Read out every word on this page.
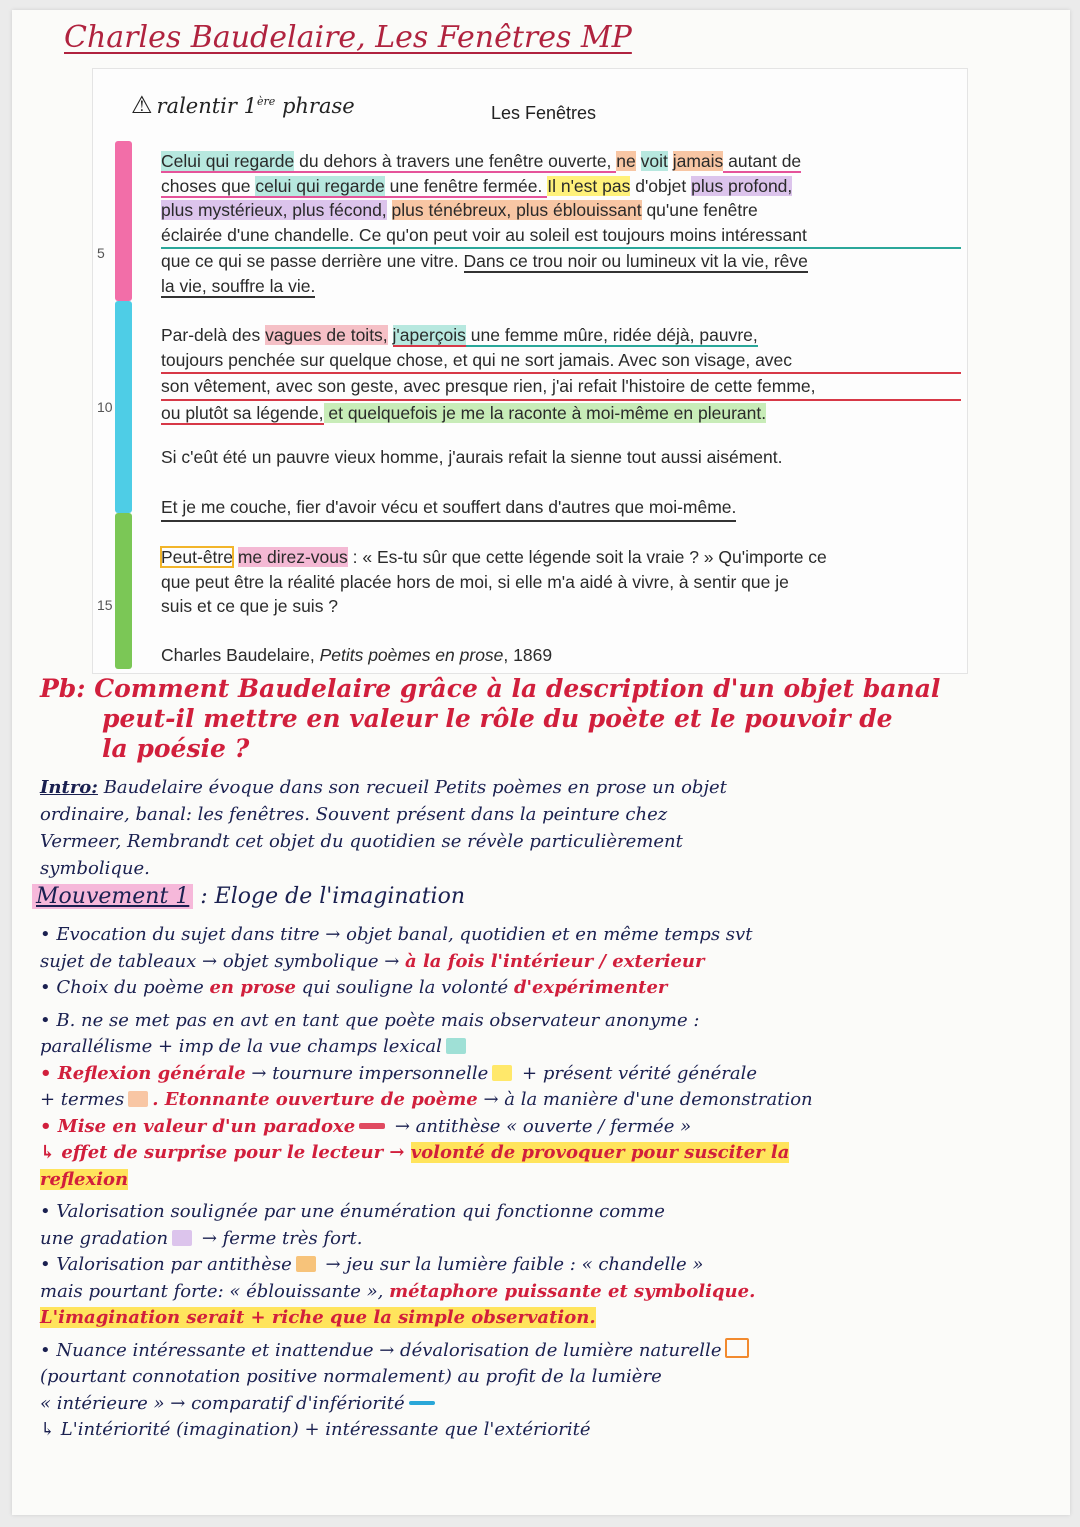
Charles Baudelaire, Les Fenêtres MP
⚠ ralentir 1ère phrase	Les Fenêtres
5
10
15

Celui qui regarde du dehors à travers une fenêtre ouverte, ne voit jamais autant de
choses que celui qui regarde une fenêtre fermée. Il n'est pas d'objet plus profond,
plus mystérieux, plus fécond, plus ténébreux, plus éblouissant qu'une fenêtre
éclairée d'une chandelle. Ce qu'on peut voir au soleil est toujours moins intéressant
que ce qui se passe derrière une vitre. Dans ce trou noir ou lumineux vit la vie, rêve
la vie, souffre la vie.

Par-delà des vagues de toits, j'aperçois une femme mûre, ridée déjà, pauvre,
toujours penchée sur quelque chose, et qui ne sort jamais. Avec son visage, avec
son vêtement, avec son geste, avec presque rien, j'ai refait l'histoire de cette femme,
ou plutôt sa légende, et quelquefois je me la raconte à moi-même en pleurant.

Si c'eût été un pauvre vieux homme, j'aurais refait la sienne tout aussi aisément.

Et je me couche, fier d'avoir vécu et souffert dans d'autres que moi-même.

Peut-être me direz-vous : « Es-tu sûr que cette légende soit la vraie ? » Qu'importe ce
que peut être la réalité placée hors de moi, si elle m'a aidé à vivre, à sentir que je
suis et ce que je suis ?

Charles Baudelaire, Petits poèmes en prose, 1869

Pb: Comment Baudelaire grâce à la description d'un objet banal
peut-il mettre en valeur le rôle du poète et le pouvoir de
la poésie ?
Intro: Baudelaire évoque dans son recueil Petits poèmes en prose un objet
ordinaire, banal: les fenêtres. Souvent présent dans la peinture chez
Vermeer, Rembrandt cet objet du quotidien se révèle particulièrement
symbolique.
Mouvement 1 : Eloge de l'imagination
• Evocation du sujet dans titre → objet banal, quotidien et en même temps svt
sujet de tableaux → objet symbolique → à la fois l'intérieur / exterieur
• Choix du poème en prose qui souligne la volonté d'expérimenter
• B. ne se met pas en avt en tant que poète mais observateur anonyme :
parallélisme + imp de la vue champs lexical
• Reflexion générale → tournure impersonnelle + présent vérité générale
+ termes . Etonnante ouverture de poème → à la manière d'une demonstration
• Mise en valeur d'un paradoxe → antithèse « ouverte / fermée »
↳ effet de surprise pour le lecteur → volonté de provoquer pour susciter la
reflexion
• Valorisation soulignée par une énumération qui fonctionne comme
une gradation → ferme très fort.
• Valorisation par antithèse → jeu sur la lumière faible : « chandelle »
mais pourtant forte: « éblouissante », métaphore puissante et symbolique.
L'imagination serait + riche que la simple observation.
• Nuance intéressante et inattendue → dévalorisation de lumière naturelle
(pourtant connotation positive normalement) au profit de la lumière
« intérieure » → comparatif d'infériorité
↳ L'intériorité (imagination) + intéressante que l'extériorité
